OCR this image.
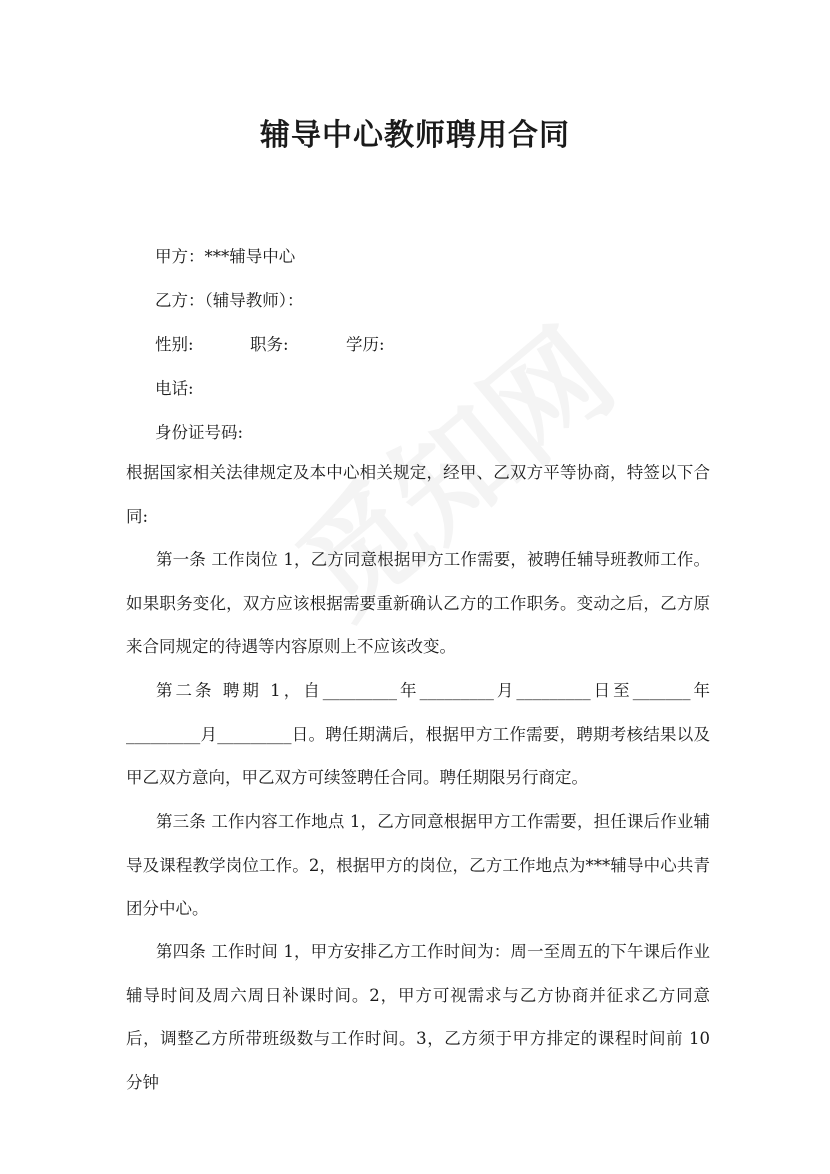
辅导中心教师聘用合同
甲方：***辅导中心
乙方：（辅导教师）：
性别:	职务:	学历:
电话:
身份证号码:
根据国家相关法律规定及本中心相关规定，经甲、乙双方平等协商，特签以下合同:
第一条 工作岗位 1，乙方同意根据甲方工作需要，被聘任辅导班教师工作。如果职务变化，双方应该根据需要重新确认乙方的工作职务。变动之后，乙方原来合同规定的待遇等内容原则上不应该改变。
第二条 聘期 1，自_________年_________月_________日至_______年_________月_________日。聘任期满后，根据甲方工作需要，聘期考核结果以及甲乙双方意向，甲乙双方可续签聘任合同。聘任期限另行商定。
第三条 工作内容工作地点 1，乙方同意根据甲方工作需要，担任课后作业辅导及课程教学岗位工作。2，根据甲方的岗位，乙方工作地点为***辅导中心共青团分中心。
第四条 工作时间 1，甲方安排乙方工作时间为：周一至周五的下午课后作业辅导时间及周六周日补课时间。2，甲方可视需求与乙方协商并征求乙方同意后，调整乙方所带班级数与工作时间。3，乙方须于甲方排定的课程时间前 10 分钟
